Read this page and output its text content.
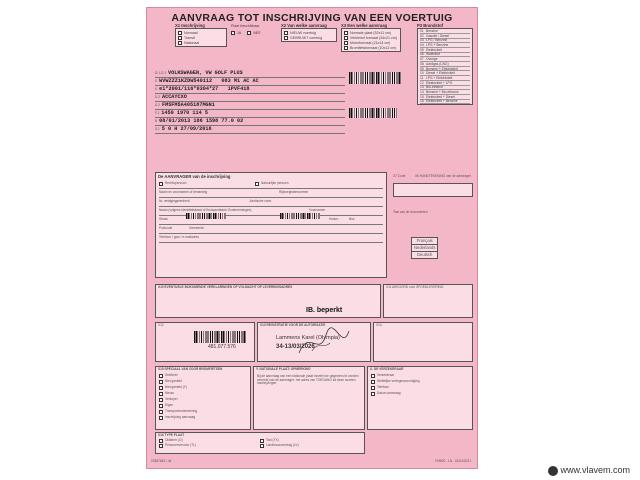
AANVRAAG TOT INSCHRIJVING VAN EEN VOERTUIG
X1 Inschrijving
Normaal
Transit
Nationaal
Plaat beschikbaar
JA	NEE
X2 Van welke aanvraag
NIEUW voertuig
GEBRUIKT voertuig
X3 Een welke aanvraag
Normale plaat (52x11 cm)
Verkleind formaat (34x21 cm)
Motorformaat (21x14 cm)
Bromfietsformaat (10x12 cm)
P3 Brandstof
01 Benzine
02 Gasolie / Diesel
03 LPG / Benzine
04 LPG + Benzine
05 Elektriciteit
06 Waterstof
07 Overige
08 Aardgas (CNG)
09 Benzine + Elektriciteit
10 Diesel + Elektriciteit
11 LPG + Elektriciteit
12 Elektriciteit + LPG
13 Bio-ethanol
14 Benzine + Bio-ethanol
15 Elektriciteit + Diesel
16 Elektriciteit + Benzine
D.1-D.3 VOLKSWAGEN, VW GOLF PLUS
E WVWZZZ1KZDW540112 083 M1 AC AC
K e1*2001/116*0304*27 1PVF418
D.2 ACCAYCXO
D.2 FM5FM5A405187MGN1
F.1 1450 1970 114 5
B 08/01/2013 186 1598 77.0 02
S.1 5 0 H 27/09/2016
De AANVRAGER van de inschrijving
Rechtspersoon	Natuurlijke persoon
Naam en voornamen of benaming	Rijksregisternummer
Nr. vestigingseenheid	Juridische vorm
Naam (volgens identiteitskaart of Kruispuntbank Ondernemingen)	Voornamen
Straat	Huisnr.	Bus
Postcode	Gemeente
Telefoon / gsm / e-mailadres
X7 Code	X8 HANDTEKENING van de aanvrager
Taal van de documenten
Français
Nederlands
Deutsch
X10 EVENTUELE BIJKOMENDE VERKLARINGEN OF VOLMACHT OF LEVERINGSADRES
IB. beperkt
X11 AKKOORD voor SPOEDLEVERING
X12
481.077.576
X13 REGISTRATIE VOOR DE AUTORISATIE
Lammens Karel (Olympia)
34-13/03/2026
X14
X15 SPECIAAL VAN VOOR BROMFIETSEN
Snelheid
Niet gesteld
Niet gesteld (Y)
Nieuw
Verkoper
Eigen
Transportonderneming
Inschrijving aanvraag
Y. NATIONALE PLAAT: OPMERKING
Bij de aanvraag van een nationale plaat moeten de gegevens te worden vermeld van de aanvrager: het adres van TOEGANG tot deze soorten inschrijvingen.
X. DE VERZEKERAAR
Verzekeraar
Wettelijke vertegenwoordiging
Telefoon
Datum aanvraag
X16 TYPE PLAAT
Oldtimer (O)	Taxi (TX)
Personenvervoer (TL)	Landbouwvoertuig (LV)
03387643 / 44	FM820 - LN - 01/01/2021
www.vlavem.com
